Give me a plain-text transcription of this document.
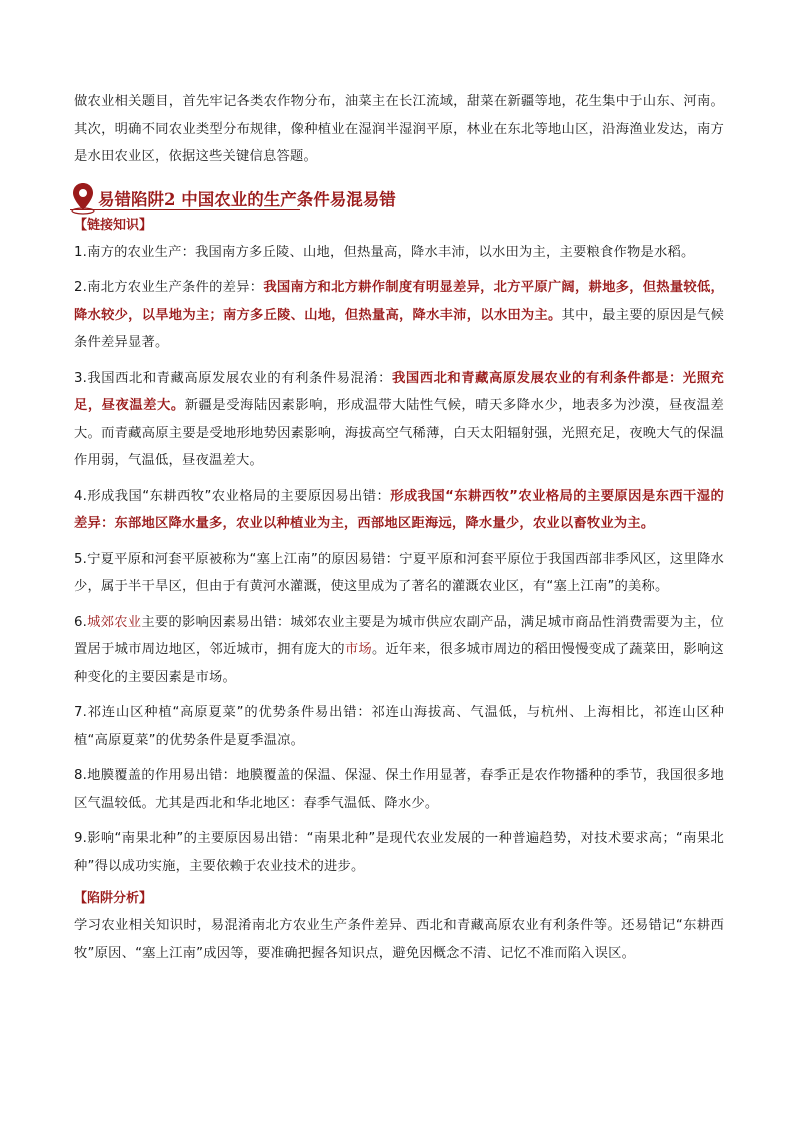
做农业相关题目，首先牢记各类农作物分布，油菜主在长江流域，甜菜在新疆等地，花生集中于山东、河南。其次，明确不同农业类型分布规律，像种植业在湿润半湿润平原，林业在东北等地山区，沿海渔业发达，南方是水田农业区，依据这些关键信息答题。

易错陷阱2 中国农业的生产条件易混易错
【链接知识】

1.南方的农业生产：我国南方多丘陵、山地，但热量高，降水丰沛，以水田为主，主要粮食作物是水稻。

2.南北方农业生产条件的差异：我国南方和北方耕作制度有明显差异，北方平原广阔，耕地多，但热量较低，降水较少，以旱地为主；南方多丘陵、山地，但热量高，降水丰沛，以水田为主。其中，最主要的原因是气候条件差异显著。

3.我国西北和青藏高原发展农业的有利条件易混淆：我国西北和青藏高原发展农业的有利条件都是：光照充足，昼夜温差大。新疆是受海陆因素影响，形成温带大陆性气候，晴天多降水少，地表多为沙漠，昼夜温差大。而青藏高原主要是受地形地势因素影响，海拔高空气稀薄，白天太阳辐射强，光照充足，夜晚大气的保温作用弱，气温低，昼夜温差大。

4.形成我国“东耕西牧”农业格局的主要原因易出错：形成我国“东耕西牧”农业格局的主要原因是东西干湿的差异：东部地区降水量多，农业以种植业为主，西部地区距海远，降水量少，农业以畜牧业为主。

5.宁夏平原和河套平原被称为“塞上江南”的原因易错：宁夏平原和河套平原位于我国西部非季风区，这里降水少，属于半干旱区，但由于有黄河水灌溉，使这里成为了著名的灌溉农业区，有“塞上江南”的美称。

6.城郊农业主要的影响因素易出错：城郊农业主要是为城市供应农副产品，满足城市商品性消费需要为主，位置居于城市周边地区，邻近城市，拥有庞大的市场。近年来，很多城市周边的稻田慢慢变成了蔬菜田，影响这种变化的主要因素是市场。

7.祁连山区种植“高原夏菜”的优势条件易出错：祁连山海拔高、气温低，与杭州、上海相比，祁连山区种植“高原夏菜”的优势条件是夏季温凉。

8.地膜覆盖的作用易出错：地膜覆盖的保温、保湿、保土作用显著，春季正是农作物播种的季节，我国很多地区气温较低。尤其是西北和华北地区：春季气温低、降水少。

9.影响“南果北种”的主要原因易出错：“南果北种”是现代农业发展的一种普遍趋势，对技术要求高；“南果北种”得以成功实施，主要依赖于农业技术的进步。

【陷阱分析】

学习农业相关知识时，易混淆南北方农业生产条件差异、西北和青藏高原农业有利条件等。还易错记“东耕西牧”原因、“塞上江南”成因等，要准确把握各知识点，避免因概念不清、记忆不准而陷入误区。
